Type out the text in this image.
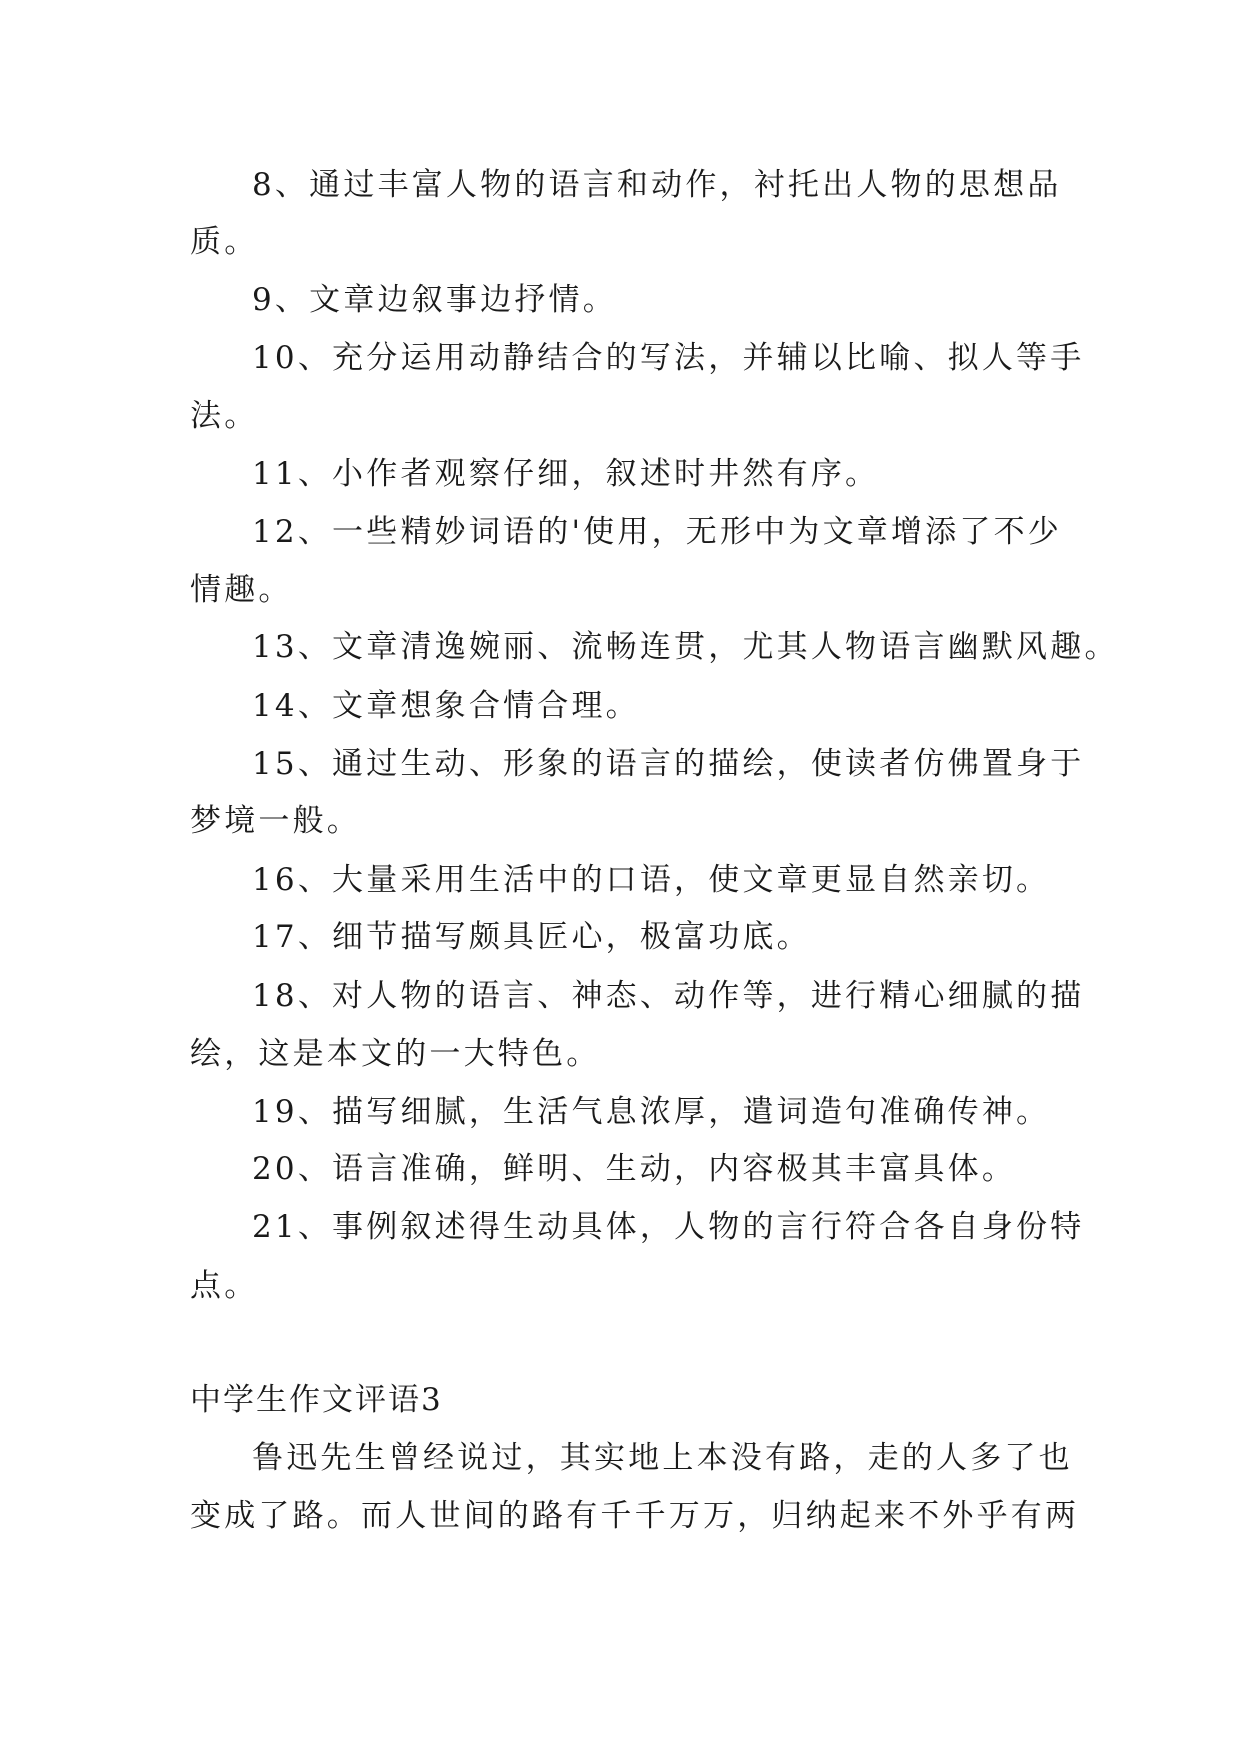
8、通过丰富人物的语言和动作，衬托出人物的思想品
质。
9、文章边叙事边抒情。
10、充分运用动静结合的写法，并辅以比喻、拟人等手
法。
11、小作者观察仔细，叙述时井然有序。
12、一些精妙词语的'使用，无形中为文章增添了不少
情趣。
13、文章清逸婉丽、流畅连贯，尤其人物语言幽默风趣。
14、文章想象合情合理。
15、通过生动、形象的语言的描绘，使读者仿佛置身于
梦境一般。
16、大量采用生活中的口语，使文章更显自然亲切。
17、细节描写颇具匠心，极富功底。
18、对人物的语言、神态、动作等，进行精心细腻的描
绘，这是本文的一大特色。
19、描写细腻，生活气息浓厚，遣词造句准确传神。
20、语言准确，鲜明、生动，内容极其丰富具体。
21、事例叙述得生动具体，人物的言行符合各自身份特
点。
中学生作文评语3
鲁迅先生曾经说过，其实地上本没有路，走的人多了也
变成了路。而人世间的路有千千万万，归纳起来不外乎有两
